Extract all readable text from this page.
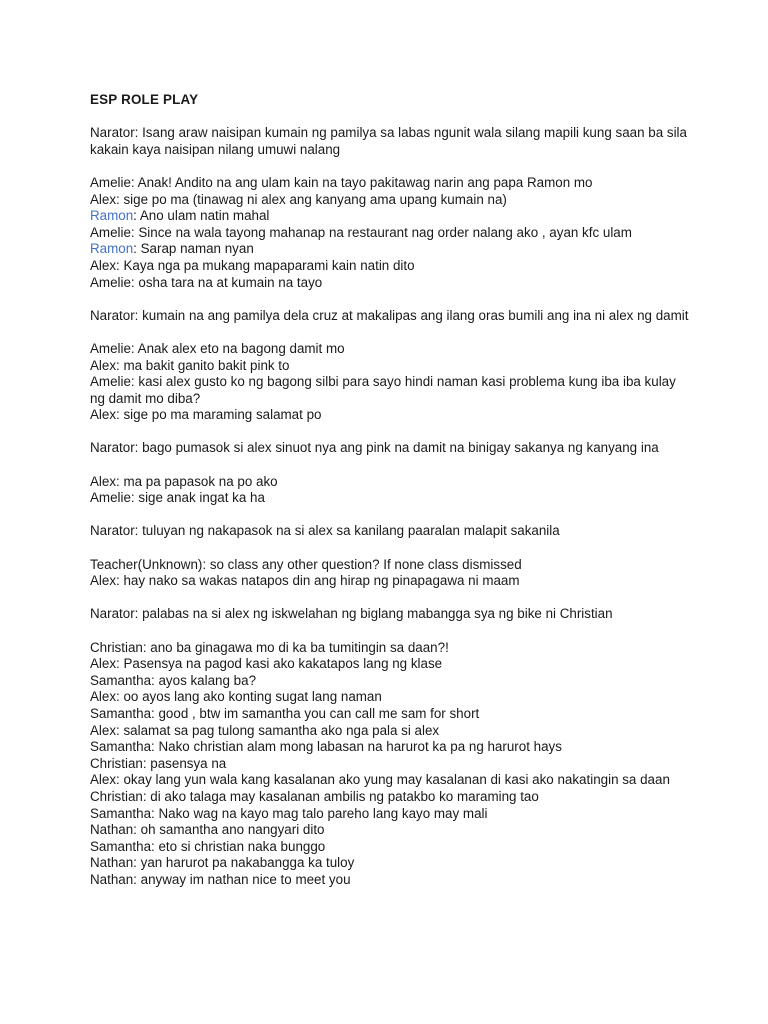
ESP ROLE PLAY
Narator: Isang araw naisipan kumain ng pamilya sa labas ngunit wala silang mapili kung saan ba sila kakain kaya naisipan nilang umuwi nalang
Amelie: Anak! Andito na ang ulam kain na tayo pakitawag narin ang papa Ramon mo
Alex: sige po ma (tinawag ni alex ang kanyang ama upang kumain na)
Ramon: Ano ulam natin mahal
Amelie: Since na wala tayong mahanap na restaurant nag order nalang ako , ayan kfc ulam
Ramon: Sarap naman nyan
Alex: Kaya nga pa mukang mapaparami kain natin dito
Amelie: osha tara na at kumain na tayo
Narator: kumain na ang pamilya dela cruz at makalipas ang ilang oras bumili ang ina ni alex ng damit
Amelie: Anak alex eto na bagong damit mo
Alex: ma bakit ganito bakit pink to
Amelie: kasi alex gusto ko ng bagong silbi para sayo hindi naman kasi problema kung iba iba kulay ng damit mo diba?
Alex: sige po ma maraming salamat po
Narator: bago pumasok si alex sinuot nya ang pink na damit na binigay sakanya ng kanyang ina
Alex: ma pa papasok na po ako
Amelie: sige anak ingat ka ha
Narator: tuluyan ng nakapasok na si alex sa kanilang paaralan malapit sakanila
Teacher(Unknown): so class any other question? If none class dismissed
Alex: hay nako sa wakas natapos din ang hirap ng pinapagawa ni maam
Narator: palabas na si alex ng iskwelahan ng biglang mabangga sya ng bike ni Christian
Christian: ano ba ginagawa mo di ka ba tumitingin sa daan?!
Alex: Pasensya na pagod kasi ako kakatapos lang ng klase
Samantha: ayos kalang ba?
Alex: oo ayos lang ako konting sugat lang naman
Samantha: good , btw im samantha you can call me sam for short
Alex: salamat sa pag tulong samantha ako nga pala si alex
Samantha: Nako christian alam mong labasan na harurot ka pa ng harurot hays
Christian: pasensya na
Alex: okay lang yun wala kang kasalanan ako yung may kasalanan di kasi ako nakatingin sa daan
Christian: di ako talaga may kasalanan ambilis ng patakbo ko maraming tao
Samantha: Nako wag na kayo mag talo pareho lang kayo may mali
Nathan: oh samantha ano nangyari dito
Samantha: eto si christian naka bunggo
Nathan: yan harurot pa nakabangga ka tuloy
Nathan: anyway im nathan nice to meet you
